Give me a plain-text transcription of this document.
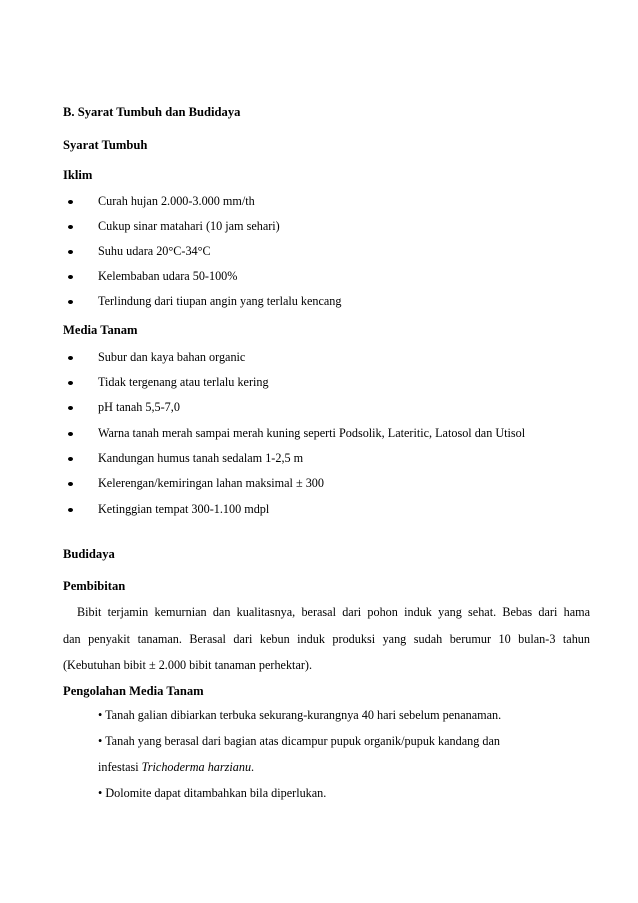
B. Syarat Tumbuh dan Budidaya
Syarat Tumbuh
Iklim
Curah hujan 2.000-3.000 mm/th
Cukup sinar matahari (10 jam sehari)
Suhu udara 20°C-34°C
Kelembaban udara 50-100%
Terlindung dari tiupan angin yang terlalu kencang
Media Tanam
Subur dan kaya bahan organic
Tidak tergenang atau terlalu kering
pH tanah 5,5-7,0
Warna tanah merah sampai merah kuning seperti Podsolik, Lateritic, Latosol dan Utisol
Kandungan humus tanah sedalam 1-2,5 m
Kelerengan/kemiringan lahan maksimal ± 300
Ketinggian tempat 300-1.100 mdpl
Budidaya
Pembibitan
Bibit terjamin kemurnian dan kualitasnya, berasal dari pohon induk yang sehat. Bebas dari hama
dan penyakit tanaman. Berasal dari kebun induk produksi yang sudah berumur 10 bulan-3 tahun
(Kebutuhan bibit ± 2.000 bibit tanaman perhektar).
Pengolahan Media Tanam
• Tanah galian dibiarkan terbuka sekurang-kurangnya 40 hari sebelum penanaman.
• Tanah yang berasal dari bagian atas dicampur pupuk organik/pupuk kandang dan
infestasi Trichoderma harzianu.
• Dolomite dapat ditambahkan bila diperlukan.
